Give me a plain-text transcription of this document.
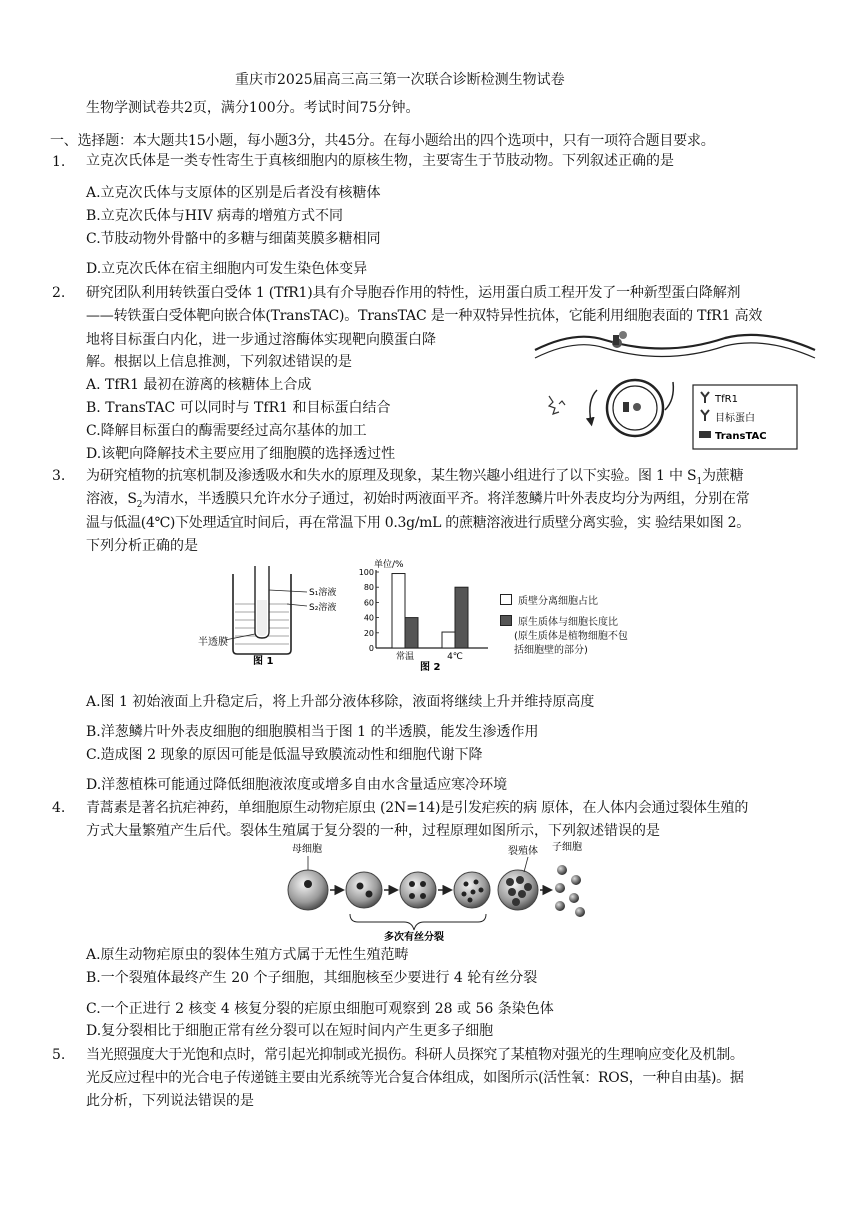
重庆市2025届高三高三第一次联合诊断检测生物试卷
生物学测试卷共2页，满分100分。考试时间75分钟。
一、选择题：本大题共15小题，每小题3分，共45分。在每小题给出的四个选项中，只有一项符合题目要求。
1. 立克次氏体是一类专性寄生于真核细胞内的原核生物，主要寄生于节肢动物。下列叙述正确的是
A.立克次氏体与支原体的区别是后者没有核糖体
B.立克次氏体与HIV 病毒的增殖方式不同
C.节肢动物外骨骼中的多糖与细菌荚膜多糖相同
D.立克次氏体在宿主细胞内可发生染色体变异
2. 研究团队利用转铁蛋白受体 1 (TfR1)具有介导胞吞作用的特性，运用蛋白质工程开发了一种新型蛋白降解剂
——转铁蛋白受体靶向嵌合体(TransTAC)。TransTAC 是一种双特异性抗体，它能利用细胞表面的 TfR1 高效
地将目标蛋白内化，进一步通过溶酶体实现靶向膜蛋白降
解。根据以上信息推测，下列叙述错误的是
A. TfR1 最初在游离的核糖体上合成
B. TransTAC 可以同时与 TfR1 和目标蛋白结合
C.降解目标蛋白的酶需要经过高尔基体的加工
D.该靶向降解技术主要应用了细胞膜的选择透过性
TfR1
目标蛋白
TransTAC
3. 为研究植物的抗寒机制及渗透吸水和失水的原理及现象，某生物兴趣小组进行了以下实验。图 1 中 $S_1$为蔗糖
溶液，$S_2$为清水，半透膜只允许水分子通过，初始时两液面平齐。将洋葱鳞片叶外表皮均分为两组，分别在常
温与低温(4℃)下处理适宜时间后，再在常温下用 0.3g/mL 的蔗糖溶液进行质壁分离实验，实 验结果如图 2。
下列分析正确的是
S₁溶液
S₂溶液
图 1
半透膜
单位/%
0
20
40
60
80
100
常温	4℃
图 2
质壁分离细胞占比
原生质体与细胞长度比
(原生质体是植物细胞不包
括细胞壁的部分)
A.图 1 初始液面上升稳定后，将上升部分液体移除，液面将继续上升并维持原高度
B.洋葱鳞片叶外表皮细胞的细胞膜相当于图 1 的半透膜，能发生渗透作用
C.造成图 2 现象的原因可能是低温导致膜流动性和细胞代谢下降
D.洋葱植株可能通过降低细胞液浓度或增多自由水含量适应寒冷环境
4. 青蒿素是著名抗疟神药，单细胞原生动物疟原虫 (2N=14)是引发疟疾的病 原体，在人体内会通过裂体生殖的
方式大量繁殖产生后代。裂体生殖属于复分裂的一种，过程原理如图所示，下列叙述错误的是
母细胞	裂殖体 子细胞
多次有丝分裂
A.原生动物疟原虫的裂体生殖方式属于无性生殖范畴
B.一个裂殖体最终产生 20 个子细胞，其细胞核至少要进行 4 轮有丝分裂
C.一个正进行 2 核变 4 核复分裂的疟原虫细胞可观察到 28 或 56 条染色体
D.复分裂相比于细胞正常有丝分裂可以在短时间内产生更多子细胞
5. 当光照强度大于光饱和点时，常引起光抑制或光损伤。科研人员探究了某植物对强光的生理响应变化及机制。
光反应过程中的光合电子传递链主要由光系统等光合复合体组成，如图所示(活性氧：ROS，一种自由基)。据
此分析，下列说法错误的是
